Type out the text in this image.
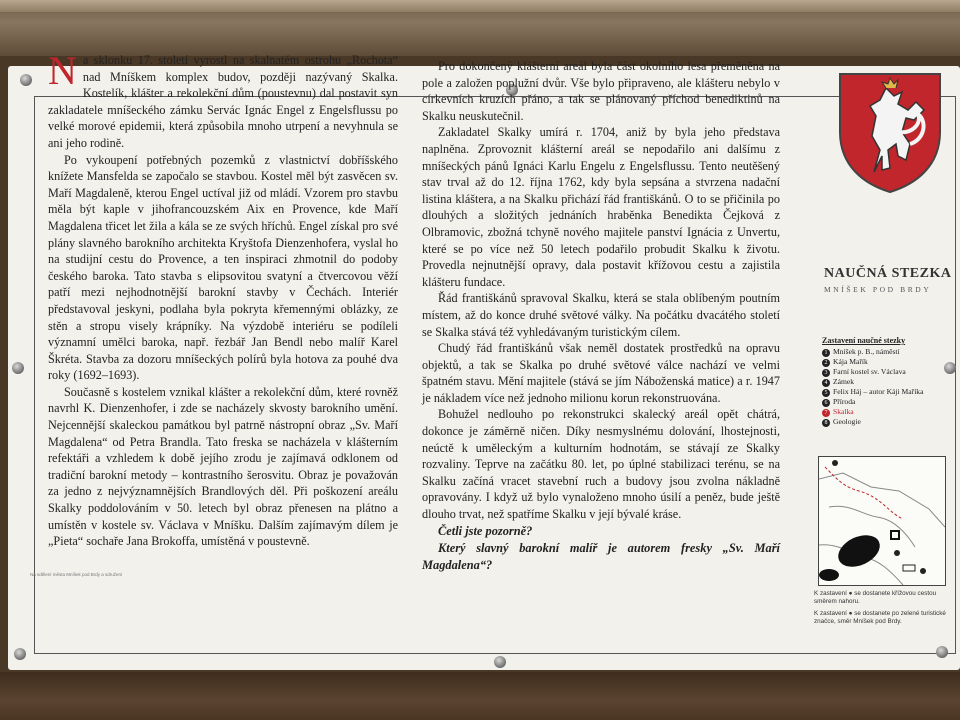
Na sklonku 17. století vyrostl na skalnatém ostrohu „Rochota“ nad Mníškem komplex budov, později nazývaný Skalka. Kostelík, klášter a rekolekční dům (poustevnu) dal postavit syn zakladatele mníšeckého zámku Servác Ignác Engel z Engelsflussu po velké morové epidemii, která způsobila mnoho utrpení a nevyhnula se ani jeho rodině.

Po vykoupení potřebných pozemků z vlastnictví dobříšského knížete Mansfelda se započalo se stavbou. Kostel měl být zasvěcen sv. Maří Magdaleně, kterou Engel uctíval již od mládí. Vzorem pro stavbu měla být kaple v jihofrancouzském Aix en Provence, kde Maří Magdalena třicet let žila a kála se ze svých hříchů. Engel získal pro své plány slavného barokního architekta Kryštofa Dienzenhofera, vyslal ho na studijní cestu do Provence, a ten inspiraci zhmotnil do podoby českého baroka. Tato stavba s elipsovitou svatyní a čtvercovou věží patří mezi nejhodnotnější barokní stavby v Čechách. Interiér představoval jeskyni, podlaha byla pokryta křemennými oblázky, ze stěn a stropu visely krápníky. Na výzdobě interiéru se podíleli významní umělci baroka, např. řezbář Jan Bendl nebo malíř Karel Škréta. Stavba za dozoru mníšeckých polírů byla hotova za pouhé dva roky (1692–1693).

Současně s kostelem vznikal klášter a rekolekční dům, které rovněž navrhl K. Dienzenhofer, i zde se nacházely skvosty barokního umění. Nejcennější skaleckou památkou byl patrně nástropní obraz „Sv. Maří Magdalena“ od Petra Brandla. Tato freska se nacházela v klášterním refektáři a vzhledem k době jejího zrodu je zajímavá odklonem od tradiční barokní metody – kontrastního šerosvitu. Obraz je považován za jedno z nejvýznamnějších Brandlových děl. Při poškození areálu Skalky poddolováním v 50. letech byl obraz přenesen na plátno a umístěn v kostele sv. Václava v Mníšku. Dalším zajímavým dílem je „Pieta“ sochaře Jana Brokoffa, umístěná v poustevně.

Pro dokončený klášterní areál byla část okolního lesa přeměněna na pole a založen poplužní dvůr. Vše bylo připraveno, ale klášteru nebylo v církevních kruzích přáno, a tak se plánovaný příchod benediktinů na Skalku neuskutečnil.

Zakladatel Skalky umírá r. 1704, aniž by byla jeho představa naplněna. Zprovoznit klášterní areál se nepodařilo ani dalšímu z mníšeckých pánů Ignáci Karlu Engelu z Engelsflussu. Tento neutěšený stav trval až do 12. října 1762, kdy byla sepsána a stvrzena nadační listina kláštera, a na Skalku přichází řád františkánů. O to se přičinila po dlouhých a složitých jednáních hraběnka Benedikta Čejková z Olbramovic, zbožná tchyně nového majitele panství Ignácia z Unvertu, které se po více než 50 letech podařilo probudit Skalku k životu. Provedla nejnutnější opravy, dala postavit křížovou cestu a zajistila klášteru fundace.

Řád františkánů spravoval Skalku, která se stala oblíbeným poutním místem, až do konce druhé světové války. Na počátku dvacátého století se Skalka stává též vyhledávaným turistickým cílem.

Chudý řád františkánů však neměl dostatek prostředků na opravu objektů, a tak se Skalka po druhé světové válce nachází ve velmi špatném stavu. Mění majitele (stává se jím Náboženská matice) a r. 1947 je nákladem více než jednoho milionu korun rekonstruována.

Bohužel nedlouho po rekonstrukci skalecký areál opět chátrá, dokonce je záměrně ničen. Díky nesmyslnému dolování, lhostejnosti, neúctě k uměleckým a kulturním hodnotám, se stávají ze Skalky rozvaliny. Teprve na začátku 80. let, po úplné stabilizaci terénu, se na Skalku začíná vracet stavební ruch a budovy jsou zvolna nákladně opravovány. I když už bylo vynaloženo mnoho úsilí a peněz, bude ještě dlouho trvat, než spatříme Skalku v její bývalé kráse.

Četli jste pozorně?

Který slavný barokní malíř je autorem fresky „Sv. Maří Magdalena“?

Na sdělení města Mníšek pod Brdy a sdružení
NAUČNÁ STEZKA
MNÍŠEK POD BRDY
Zastavení naučné stezky
1 Mníšek p. B., náměstí
2 Kája Mařík
3 Farní kostel sv. Václava
4 Zámek
5 Felix Háj – autor Káji Maříka
6 Příroda
7 Skalka
8 Geologie
K zastavení ● se dostanete křížovou cestou směrem nahoru.
K zastavení ● se dostanete po zelené turistické značce, směr Mníšek pod Brdy.
